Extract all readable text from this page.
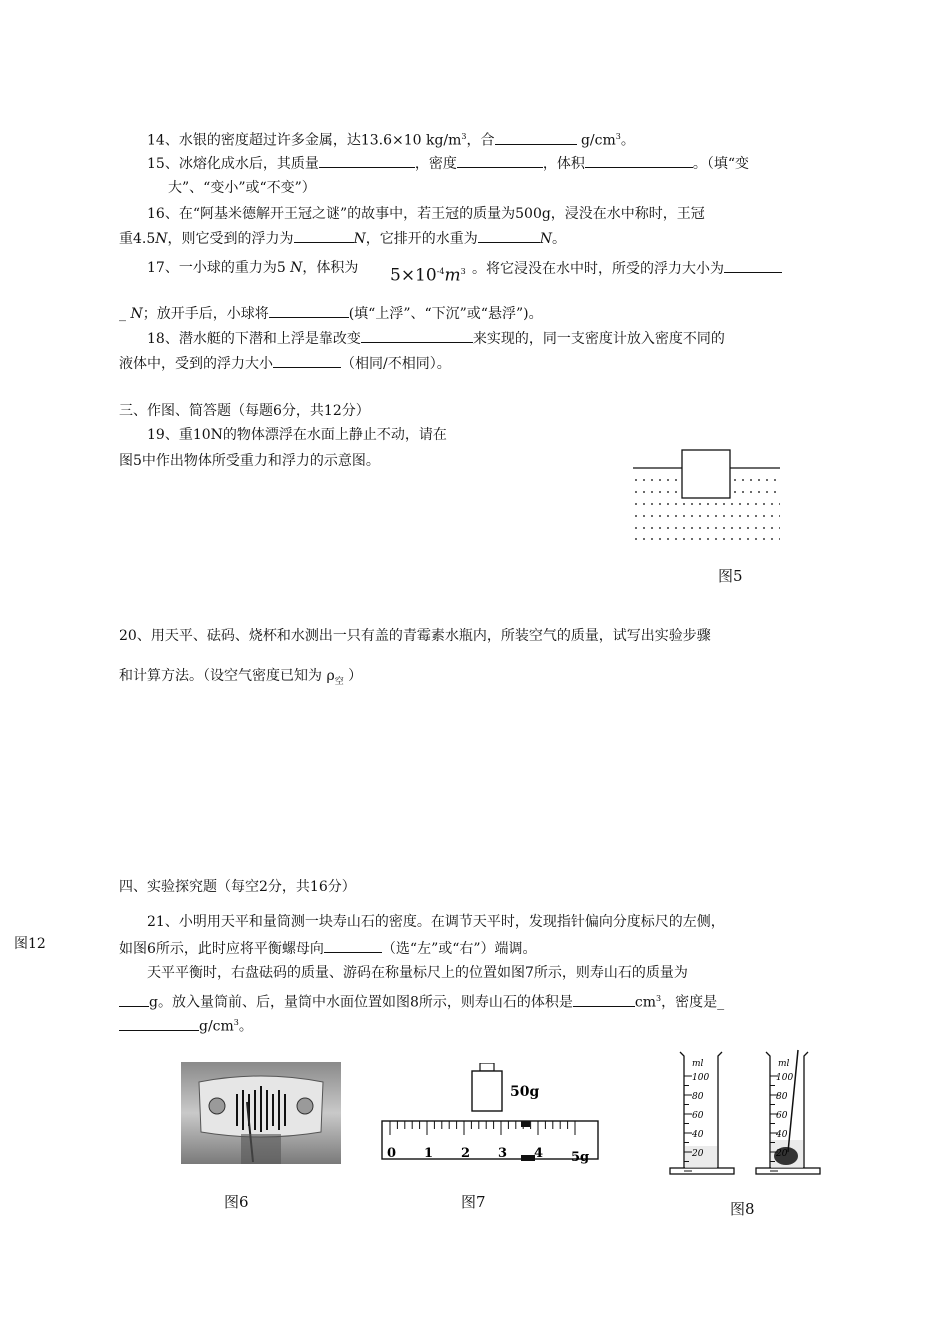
14、水银的密度超过许多金属，达13.6×10 $kg/m^3$，合	$g/cm^3$。
15、冰熔化成水后，其质量	，密度	，体积	。（填“变
大”、“变小”或“不变”）
16、在“阿基米德解开王冠之谜”的故事中，若王冠的质量为500g，浸没在水中称时，王冠
重4.5N，则它受到的浮力为	N，它排开的水重为	N。
17、一小球的重力为5 N，体积为 $5\times 10^{-4}m^3$ 。将它浸没在水中时，所受的浮力大小为
_ N；放开手后，小球将	(填“上浮”、“下沉”或“悬浮”)。
18、潜水艇的下潜和上浮是靠改变	来实现的，同一支密度计放入密度不同的
液体中，受到的浮力大小	（相同/不相同）。
三、作图、简答题（每题6分，共12分）
19、重10N的物体漂浮在水面上静止不动，请在
图5中作出物体所受重力和浮力的示意图。
图5
20、用天平、砝码、烧杯和水测出一只有盖的青霉素水瓶内，所装空气的质量，试写出实验步骤
和计算方法。（设空气密度已知为 $\rho_空$ ）
四、实验探究题（每空2分，共16分）
图12
21、小明用天平和量筒测一块寿山石的密度。在调节天平时，发现指针偏向分度标尺的左侧，
如图6所示，此时应将平衡螺母向	（选“左”或“右”）端调。
天平平衡时，右盘砝码的质量、游码在称量标尺上的位置如图7所示，则寿山石的质量为
g。放入量筒前、后，量筒中水面位置如图8所示，则寿山石的体积是	$cm^3$，密度是_
$g/cm^3$。
图6
50g
0 1 2 3 4 5g
图7
ml	ml
100
80
60
40
20
100
80
60
40
20
图8
